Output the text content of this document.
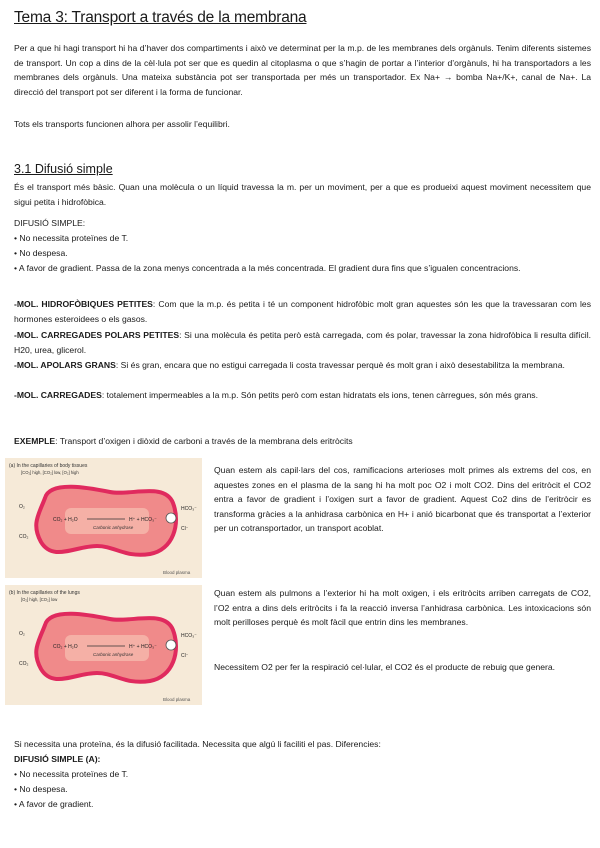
Tema 3: Transport a través de la membrana
Per a que hi hagi transport hi ha d’haver dos compartiments i això ve determinat per la m.p. de les membranes dels orgànuls. Tenim diferents sistemes de transport. Un cop a dins de la cèl·lula pot ser que es quedin al citoplasma o que s’hagin de portar a l’interior d’orgànuls, hi ha transportadors a les membranes dels orgànuls. Una mateixa substància pot ser transportada per més un transportador. Ex Na+ → bomba Na+/K+, canal de Na+. La direcció del transport pot ser diferent i la forma de funcionar.
Tots els transports funcionen alhora per assolir l’equilibri.
3.1 Difusió simple
És el transport més bàsic. Quan una molècula o un líquid travessa la m. per un moviment, per a que es produeixi aquest moviment necessitem que sigui petita i hidrofòbica.
DIFUSIÓ SIMPLE:
• No necessita proteïnes de T.
• No despesa.
• A favor de gradient. Passa de la zona menys concentrada a la més concentrada. El gradient dura fins que s’igualen concentracions.
-MOL. HIDROFÒBIQUES PETITES: Com que la m.p. és petita i té un component hidrofòbic molt gran aquestes són les que la travessaran com les hormones esteroidees o els gasos.
-MOL. CARREGADES POLARS PETITES: Si una molècula és petita però està carregada, com és polar, travessar la zona hidrofòbica li resulta difícil. H20, urea, glicerol.
-MOL. APOLARS GRANS: Si és gran, encara que no estigui carregada li costa travessar perquè és molt gran i això desestabilitza la membrana.
-MOL. CARREGADES: totalement impermeables a la m.p. Són petits però com estan hidratats els ions, tenen càrregues, són més grans.
EXEMPLE: Transport d’oxigen i diòxid de carboni a través de la membrana dels eritròcits
(a) In the capillaries of body tissues
[CO₂] high, [CO₂] low, [O₂] high
CO₂ + H₂O	H⁺ + HCO₃⁻
Carbonic anhydrase
O₂
CO₂
HCO₃⁻
Cl⁻
Blood plasma
(b) In the capillaries of the lungs
[O₂] high, [CO₂] low
CO₂ + H₂O	H⁺ + HCO₃⁻
Carbonic anhydrase
O₂
CO₂
HCO₃⁻
Cl⁻
Blood plasma
Quan estem als capil·lars del cos, ramificacions arterioses molt primes als extrems del cos, en aquestes zones en el plasma de la sang hi ha molt poc O2 i molt CO2. Dins del eritròcit el CO2 entra a favor de gradient i l’oxigen surt a favor de gradient. Aquest Co2 dins de l’eritròcir es transforma gràcies a la anhidrasa carbònica en H+ i anió bicarbonat que és transportat a l’exterior per un cotransportador, un transport acoblat.
Quan estem als pulmons a l’exterior hi ha molt oxigen, i els eritròcits arriben carregats de CO2, l’O2 entra a dins dels eritròcits i fa la reacció inversa l’anhidrasa carbònica. Les intoxicacions són molt perilloses perquè és molt fàcil que entrin dins les membranes.
Necessitem O2 per fer la respiració cel·lular, el CO2 és el producte de rebuig que genera.
Si necessita una proteïna, és la difusió facilitada. Necessita que algú li faciliti el pas. Diferencies:
DIFUSIÓ SIMPLE (A):
• No necessita proteïnes de T.
• No despesa.
• A favor de gradient.
